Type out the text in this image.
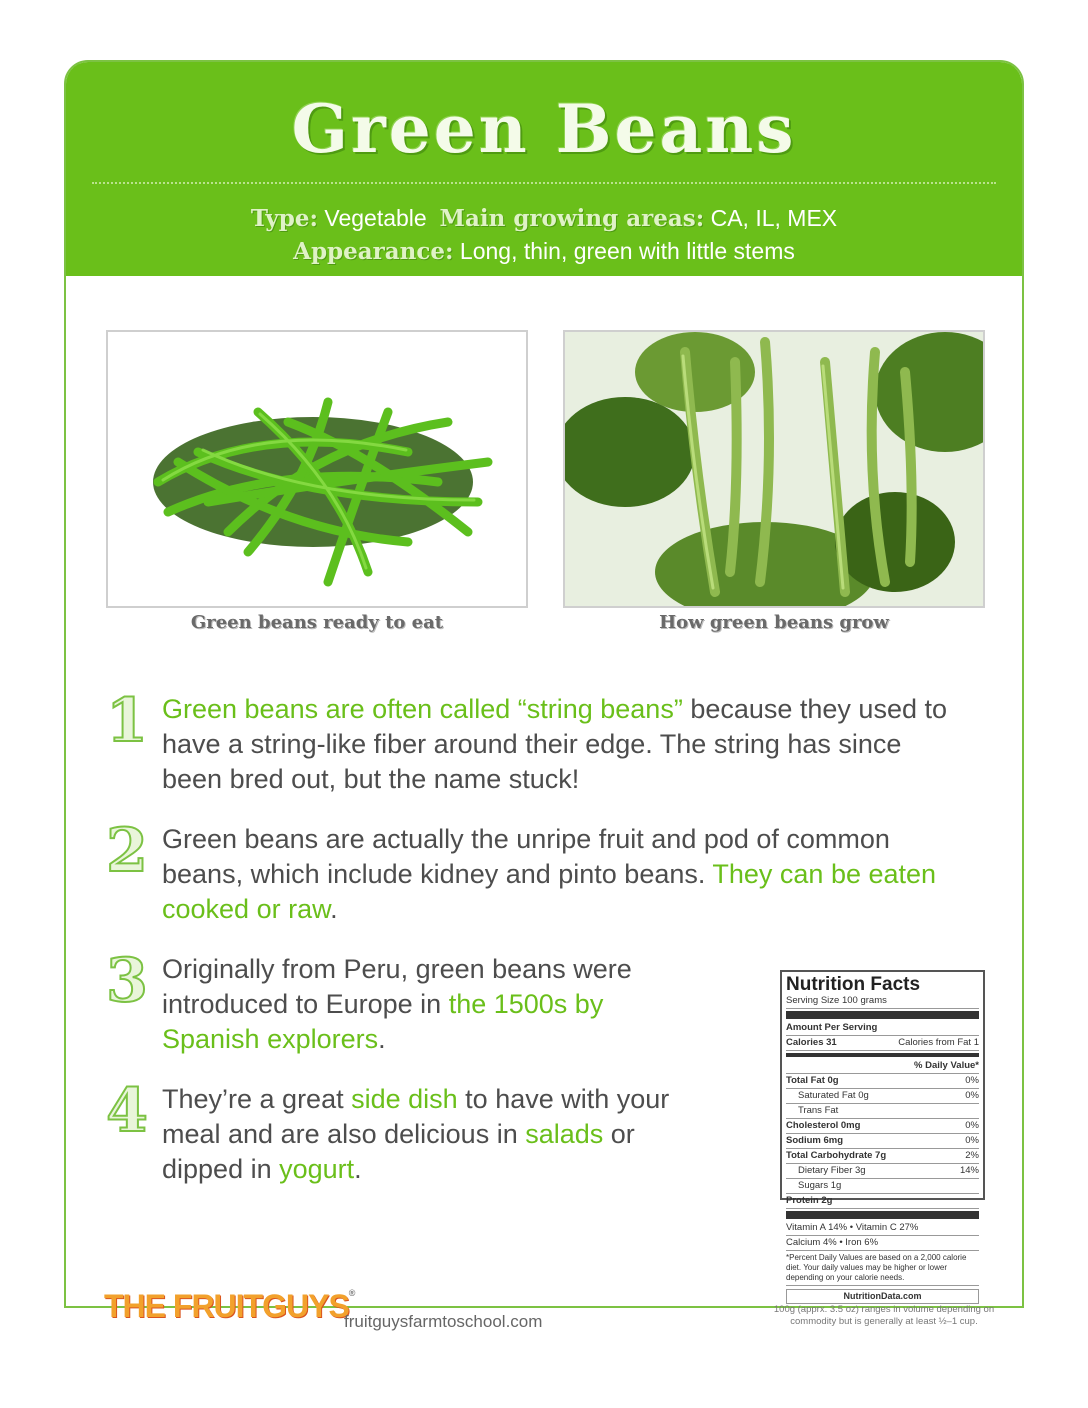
Green Beans
Type: Vegetable Main growing areas: CA, IL, MEX
Appearance: Long, thin, green with little stems
Green beans ready to eat	How green beans grow
1 Green beans are often called “string beans” because they used to have a string-like fiber around their edge. The string has since been bred out, but the name stuck!
2 Green beans are actually the unripe fruit and pod of common beans, which include kidney and pinto beans. They can be eaten cooked or raw.
3 Originally from Peru, green beans were introduced to Europe in the 1500s by Spanish explorers.
4 They’re a great side dish to have with your meal and are also delicious in salads or dipped in yogurt.
Nutrition Facts
Serving Size 100 grams
Amount Per Serving
Calories 31	Calories from Fat 1
% Daily Value*
Total Fat 0g	0%
Saturated Fat 0g	0%
Trans Fat
Cholesterol 0mg	0%
Sodium 6mg	0%
Total Carbohydrate 7g	2%
Dietary Fiber 3g	14%
Sugars 1g
Protein 2g
Vitamin A 14% • Vitamin C 27%
Calcium 4% • Iron 6%
*Percent Daily Values are based on a 2,000 calorie diet. Your daily values may be higher or lower depending on your calorie needs.
NutritionData.com
100g (apprx. 3.5 oz) ranges in volume depending on commodity but is generally at least ½–1 cup.
THE FRUITGUYS®
fruitguysfarmtoschool.com
